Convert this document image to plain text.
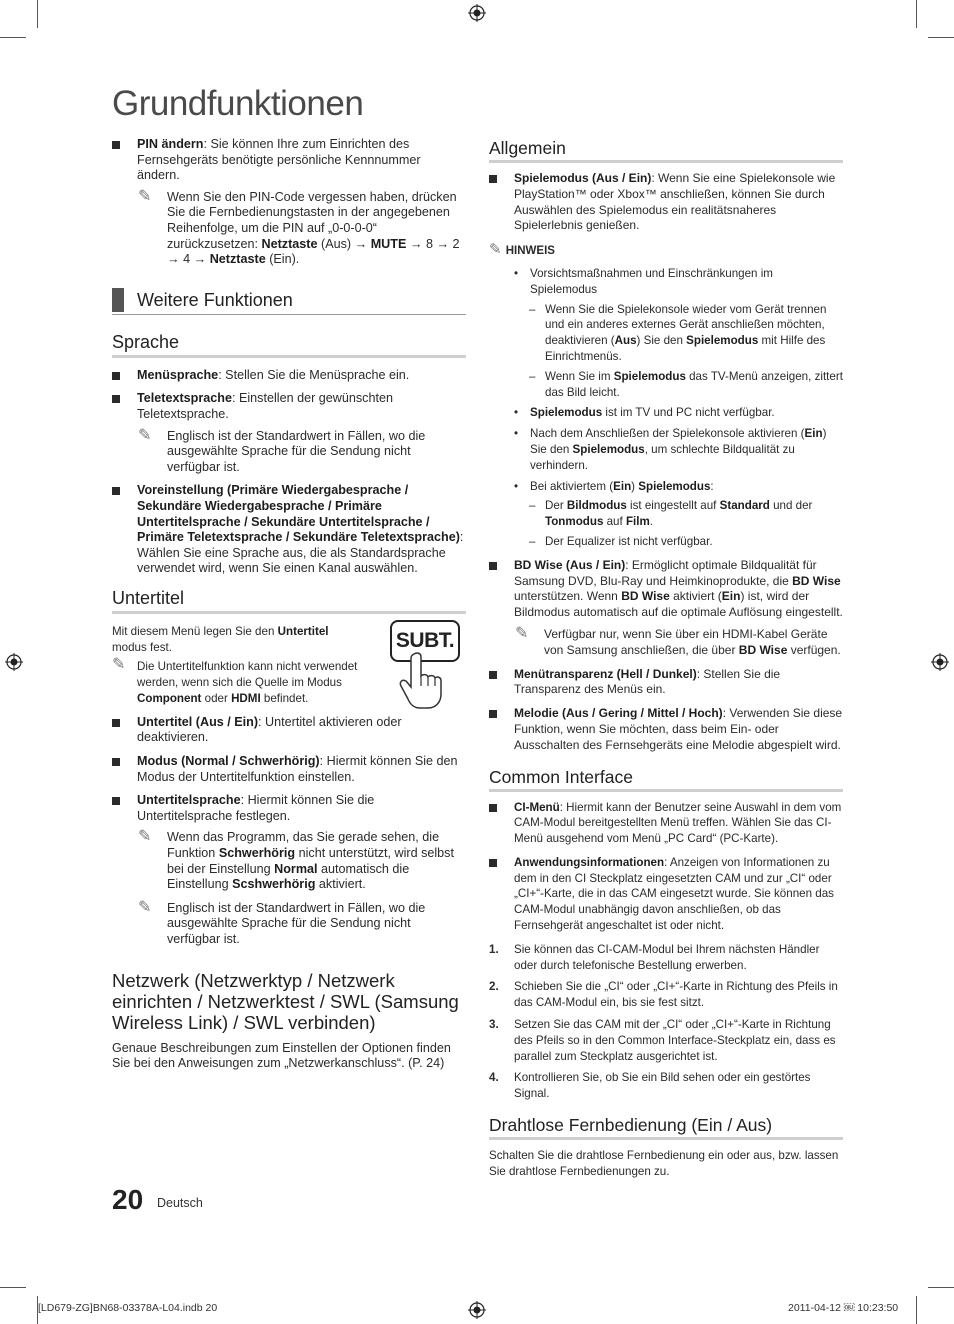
Grundfunktionen
PIN ändern: Sie können Ihre zum Einrichten des Fernsehgeräts benötigte persönliche Kennnummer ändern.
✎ Wenn Sie den PIN-Code vergessen haben, drücken Sie die Fernbedienungstasten in der angegebenen Reihenfolge, um die PIN auf „0-0-0-0“ zurückzusetzen: Netztaste (Aus) → MUTE → 8 → 2 → 4 → Netztaste (Ein).
Weitere Funktionen
Sprache
Menüsprache: Stellen Sie die Menüsprache ein.
Teletextsprache: Einstellen der gewünschten Teletextsprache.
✎ Englisch ist der Standardwert in Fällen, wo die ausgewählte Sprache für die Sendung nicht verfügbar ist.
Voreinstellung (Primäre Wiedergabesprache / Sekundäre Wiedergabesprache / Primäre Untertitelsprache / Sekundäre Untertitelsprache / Primäre Teletextsprache / Sekundäre Teletextsprache): Wählen Sie eine Sprache aus, die als Standardsprache verwendet wird, wenn Sie einen Kanal auswählen.
Untertitel
Mit diesem Menü legen Sie den Untertitel modus fest.
✎ Die Untertitelfunktion kann nicht verwendet werden, wenn sich die Quelle im Modus Component oder HDMI befindet.
Untertitel (Aus / Ein): Untertitel aktivieren oder deaktivieren.
Modus (Normal / Schwerhörig): Hiermit können Sie den Modus der Untertitelfunktion einstellen.
Untertitelsprache: Hiermit können Sie die Untertitelsprache festlegen.
✎ Wenn das Programm, das Sie gerade sehen, die Funktion Schwerhörig nicht unterstützt, wird selbst bei der Einstellung Normal automatisch die Einstellung Scshwerhörig aktiviert.
✎ Englisch ist der Standardwert in Fällen, wo die ausgewählte Sprache für die Sendung nicht verfügbar ist.
Netzwerk (Netzwerktyp / Netzwerk einrichten / Netzwerktest / SWL (Samsung Wireless Link) / SWL verbinden)
Genaue Beschreibungen zum Einstellen der Optionen finden Sie bei den Anweisungen zum „Netzwerkanschluss“. (P. 24)
SUBT.
Allgemein
Spielemodus (Aus / Ein): Wenn Sie eine Spielekonsole wie PlayStation™ oder Xbox™ anschließen, können Sie durch Auswählen des Spielemodus ein realitätsnaheres Spielerlebnis genießen.
✎ HINWEIS
• Vorsichtsmaßnahmen und Einschränkungen im Spielemodus
– Wenn Sie die Spielekonsole wieder vom Gerät trennen und ein anderes externes Gerät anschließen möchten, deaktivieren (Aus) Sie den Spielemodus mit Hilfe des Einrichtmenüs.
– Wenn Sie im Spielemodus das TV-Menü anzeigen, zittert das Bild leicht.
• Spielemodus ist im TV und PC nicht verfügbar.
• Nach dem Anschließen der Spielekonsole aktivieren (Ein) Sie den Spielemodus, um schlechte Bildqualität zu verhindern.
• Bei aktiviertem (Ein) Spielemodus:
– Der Bildmodus ist eingestellt auf Standard und der Tonmodus auf Film.
– Der Equalizer ist nicht verfügbar.
BD Wise (Aus / Ein): Ermöglicht optimale Bildqualität für Samsung DVD, Blu-Ray und Heimkinoprodukte, die BD Wise unterstützen. Wenn BD Wise aktiviert (Ein) ist, wird der Bildmodus automatisch auf die optimale Auflösung eingestellt.
✎ Verfügbar nur, wenn Sie über ein HDMI-Kabel Geräte von Samsung anschließen, die über BD Wise verfügen.
Menütransparenz (Hell / Dunkel): Stellen Sie die Transparenz des Menüs ein.
Melodie (Aus / Gering / Mittel / Hoch): Verwenden Sie diese Funktion, wenn Sie möchten, dass beim Ein- oder Ausschalten des Fernsehgeräts eine Melodie abgespielt wird.
Common Interface
CI-Menü: Hiermit kann der Benutzer seine Auswahl in dem vom CAM-Modul bereitgestellten Menü treffen. Wählen Sie das CI-Menü ausgehend vom Menü „PC Card“ (PC-Karte).
Anwendungsinformationen: Anzeigen von Informationen zu dem in den CI Steckplatz eingesetzten CAM und zur „CI“ oder „CI+“-Karte, die in das CAM eingesetzt wurde. Sie können das CAM-Modul unabhängig davon anschließen, ob das Fernsehgerät angeschaltet ist oder nicht.
1. Sie können das CI-CAM-Modul bei Ihrem nächsten Händler oder durch telefonische Bestellung erwerben.
2. Schieben Sie die „CI“ oder „CI+“-Karte in Richtung des Pfeils in das CAM-Modul ein, bis sie fest sitzt.
3. Setzen Sie das CAM mit der „CI“ oder „CI+“-Karte in Richtung des Pfeils so in den Common Interface-Steckplatz ein, dass es parallel zum Steckplatz ausgerichtet ist.
4. Kontrollieren Sie, ob Sie ein Bild sehen oder ein gestörtes Signal.
Drahtlose Fernbedienung (Ein / Aus)
Schalten Sie die drahtlose Fernbedienung ein oder aus, bzw. lassen Sie drahtlose Fernbedienungen zu.
20 Deutsch
[LD679-ZG]BN68-03378A-L04.indb 20	2011-04-12 ￼ 10:23:50
